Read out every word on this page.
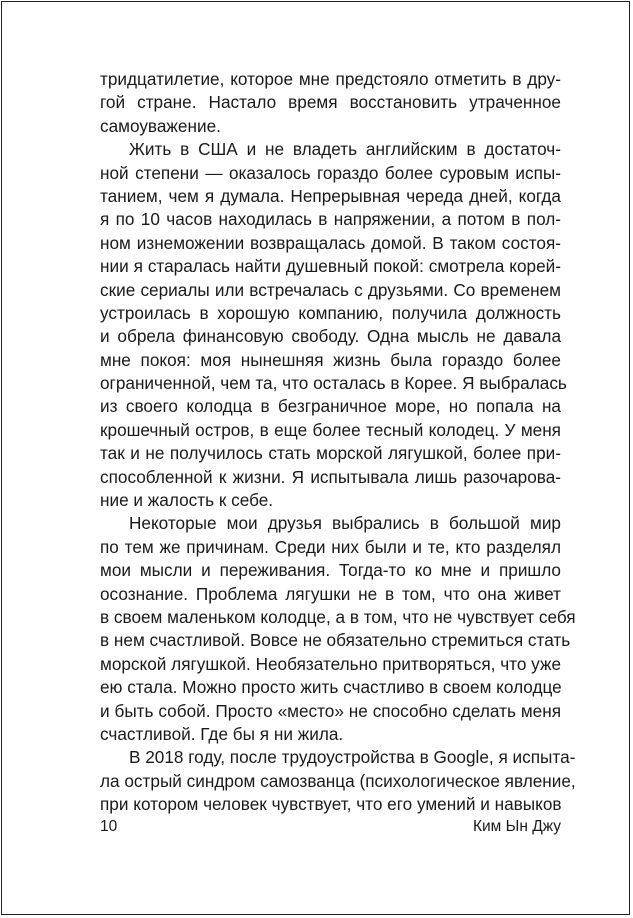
тридцатилетие, которое мне предстояло отметить в дру-
гой стране. Настало время восстановить утраченное
самоуважение.
Жить в США и не владеть английским в достаточ-
ной степени — оказалось гораздо более суровым испы-
танием, чем я думала. Непрерывная череда дней, когда
я по 10 часов находилась в напряжении, а потом в пол-
ном изнеможении возвращалась домой. В таком состоя-
нии я старалась найти душевный покой: смотрела корей-
ские сериалы или встречалась с друзьями. Со временем
устроилась в хорошую компанию, получила должность
и обрела финансовую свободу. Одна мысль не давала
мне покоя: моя нынешняя жизнь была гораздо более
ограниченной, чем та, что осталась в Корее. Я выбралась
из своего колодца в безграничное море, но попала на
крошечный остров, в еще более тесный колодец. У меня
так и не получилось стать морской лягушкой, более при-
способленной к жизни. Я испытывала лишь разочарова-
ние и жалость к себе.
Некоторые мои друзья выбрались в большой мир
по тем же причинам. Среди них были и те, кто разделял
мои мысли и переживания. Тогда-то ко мне и пришло
осознание. Проблема лягушки не в том, что она живет
в своем маленьком колодце, а в том, что не чувствует себя
в нем счастливой. Вовсе не обязательно стремиться стать
морской лягушкой. Необязательно притворяться, что уже
ею стала. Можно просто жить счастливо в своем колодце
и быть собой. Просто «место» не способно сделать меня
счастливой. Где бы я ни жила.
В 2018 году, после трудоустройства в Google, я испыта-
ла острый синдром самозванца (психологическое явление,
при котором человек чувствует, что его умений и навыков
10	Ким Ын Джу
